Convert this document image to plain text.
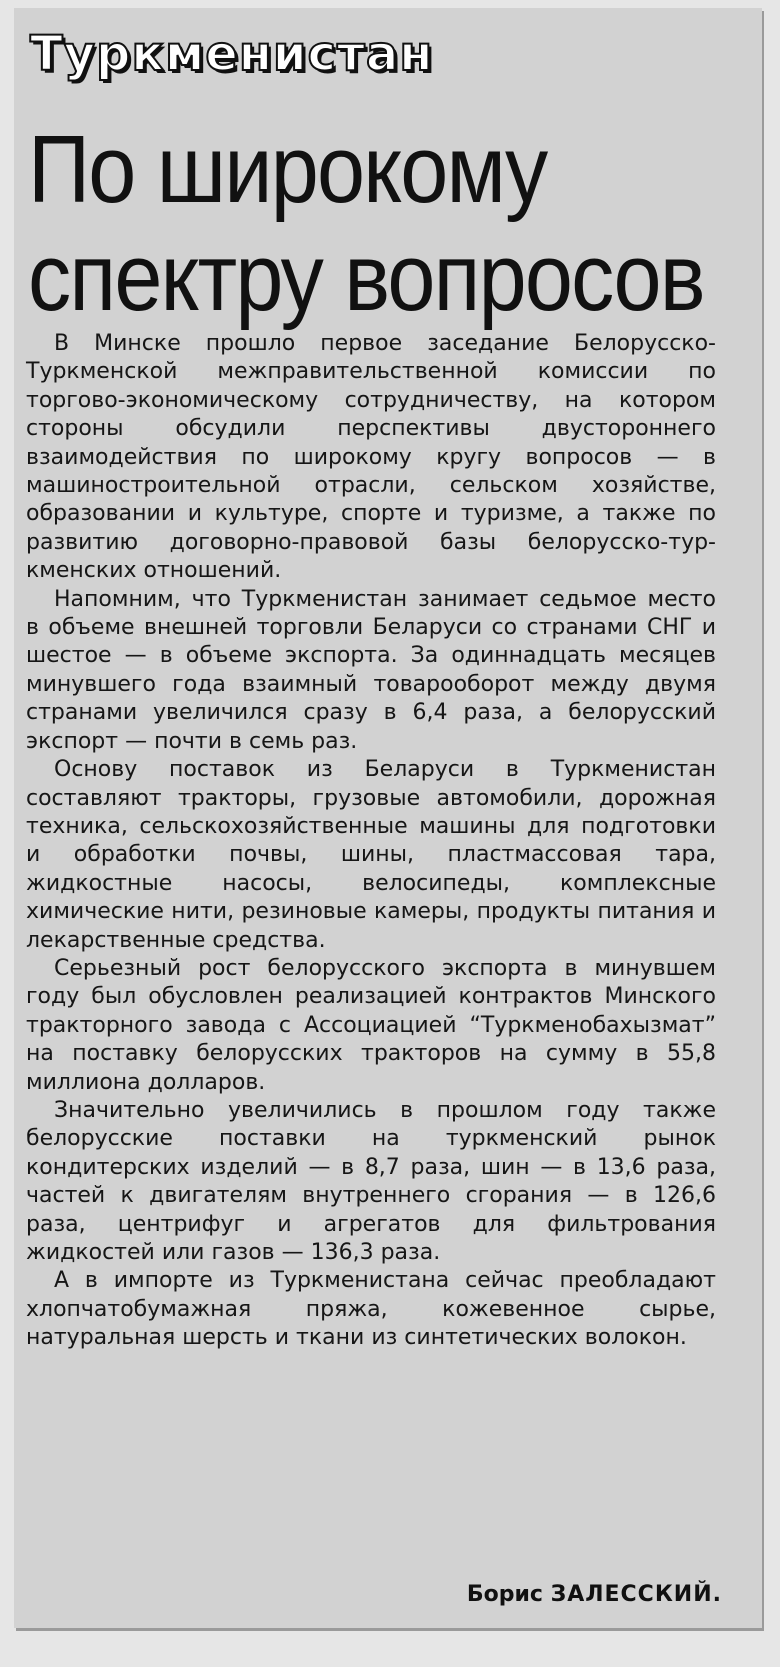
Туркменистан
По широкому
спектру вопросов

В Минске прошло первое заседание Белорусско-Туркменской межправительственной комиссии по торгово-экономическому сотрудничеству, на котором стороны обсудили перспективы двустороннего взаимодействия по широкому кругу вопросов — в машиностроительной отрасли, сельском хозяйстве, образовании и культуре, спорте и туризме, а также по развитию договорно-правовой базы белорусско-туркменских отношений.

Напомним, что Туркменистан занимает седьмое место в объеме внешней торговли Беларуси со странами СНГ и шестое — в объеме экспорта. За одиннадцать месяцев минувшего года взаимный товарооборот между двумя странами увеличился сразу в 6,4 раза, а белорусский экспорт — почти в семь раз.

Основу поставок из Беларуси в Туркменистан составляют тракторы, грузовые автомобили, дорожная техника, сельскохозяйственные машины для подготовки и обработки почвы, шины, пластмассовая тара, жидкостные насосы, велосипеды, комплексные химические нити, резиновые камеры, продукты питания и лекарственные средства.

Серьезный рост белорусского экспорта в минувшем году был обусловлен реализацией контрактов Минского тракторного завода с Ассоциацией “Туркменобахызмат” на поставку белорусских тракторов на сумму в 55,8 миллиона долларов.

Значительно увеличились в прошлом году также белорусские поставки на туркменский рынок кондитерских изделий — в 8,7 раза, шин — в 13,6 раза, частей к двигателям внутреннего сгорания — в 126,6 раза, центрифуг и агрегатов для фильтрования жидкостей или газов — 136,3 раза.

А в импорте из Туркменистана сейчас преобладают хлопчатобумажная пряжа, кожевенное сырье, натуральная шерсть и ткани из синтетических волокон.

Борис ЗАЛЕССКИЙ.
